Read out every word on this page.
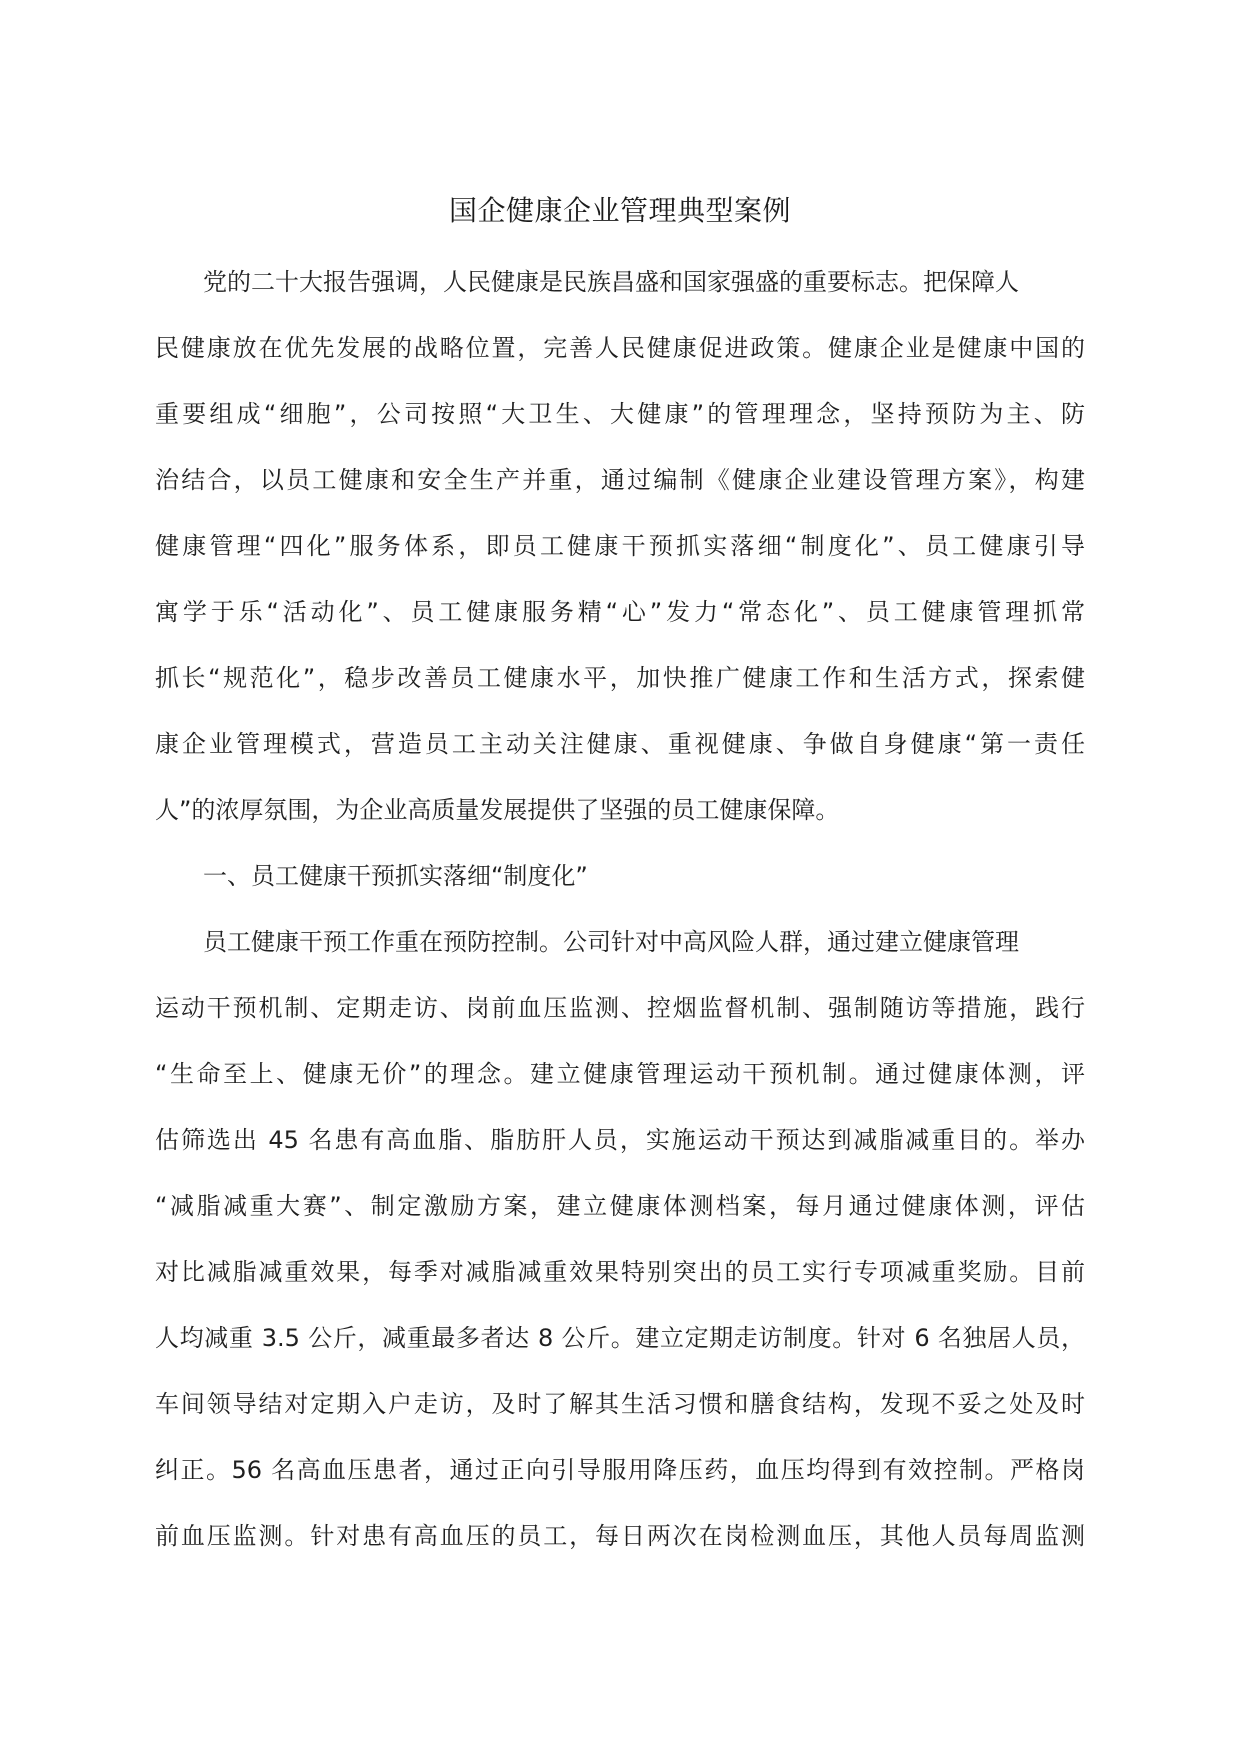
国企健康企业管理典型案例
党的二十大报告强调，人民健康是民族昌盛和国家强盛的重要标志。把保障人
民健康放在优先发展的战略位置，完善人民健康促进政策。健康企业是健康中国的
重要组成“细胞”，公司按照“大卫生、大健康”的管理理念，坚持预防为主、防
治结合，以员工健康和安全生产并重，通过编制《健康企业建设管理方案》，构建
健康管理“四化”服务体系，即员工健康干预抓实落细“制度化”、员工健康引导
寓学于乐“活动化”、员工健康服务精“心”发力“常态化”、员工健康管理抓常
抓长“规范化”，稳步改善员工健康水平，加快推广健康工作和生活方式，探索健
康企业管理模式，营造员工主动关注健康、重视健康、争做自身健康“第一责任
人”的浓厚氛围，为企业高质量发展提供了坚强的员工健康保障。
一、员工健康干预抓实落细“制度化”
员工健康干预工作重在预防控制。公司针对中高风险人群，通过建立健康管理
运动干预机制、定期走访、岗前血压监测、控烟监督机制、强制随访等措施，践行
“生命至上、健康无价”的理念。建立健康管理运动干预机制。通过健康体测，评
估筛选出 45 名患有高血脂、脂肪肝人员，实施运动干预达到减脂减重目的。举办
“减脂减重大赛”、制定激励方案，建立健康体测档案，每月通过健康体测，评估
对比减脂减重效果，每季对减脂减重效果特别突出的员工实行专项减重奖励。目前
人均减重 3.5 公斤，减重最多者达 8 公斤。建立定期走访制度。针对 6 名独居人员，
车间领导结对定期入户走访，及时了解其生活习惯和膳食结构，发现不妥之处及时
纠正。56 名高血压患者，通过正向引导服用降压药，血压均得到有效控制。严格岗
前血压监测。针对患有高血压的员工，每日两次在岗检测血压，其他人员每周监测
